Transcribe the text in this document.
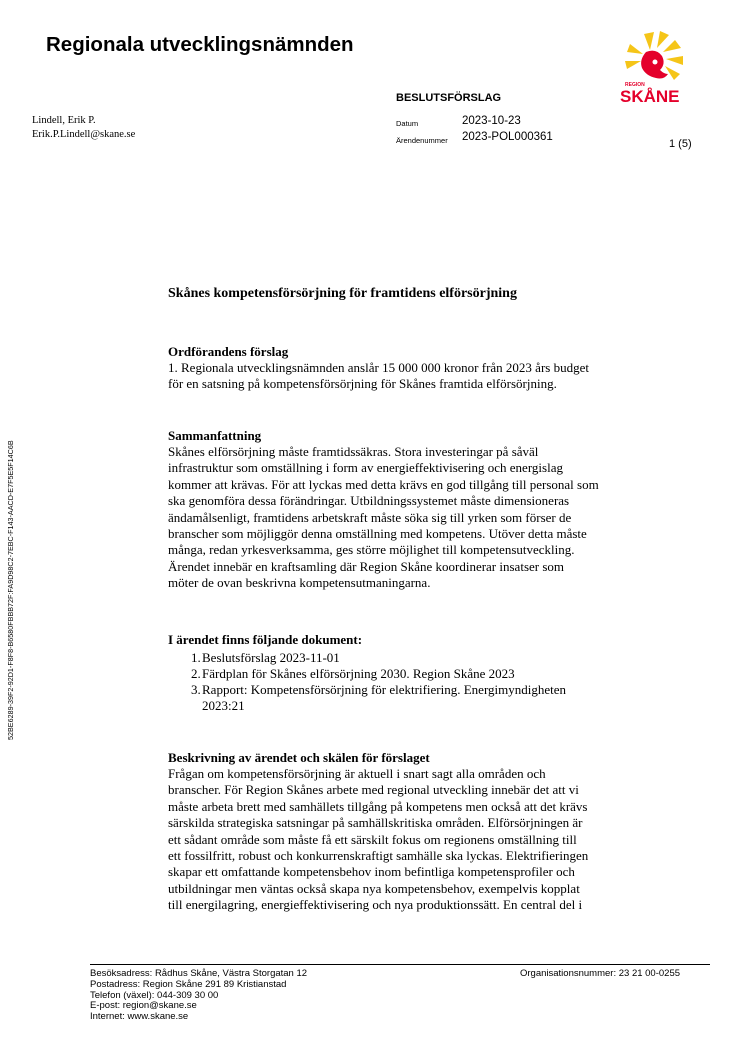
Regionala utvecklingsnämnden
REGION
SKÅNE
BESLUTSFÖRSLAG
Lindell, Erik P.
Erik.P.Lindell@skane.se
Datum	2023-10-23
Ärendenummer 2023-POL000361
1 (5)
52BE6289-39F2-92D1-F8F8-B6580FBBB72F:FA9D98C2-7EBC-F143-AACD-E7F5E5F14C6B
Skånes kompetensförsörjning för framtidens elförsörjning
Ordförandens förslag
1. Regionala utvecklingsnämnden anslår 15 000 000 kronor från 2023 års budget
för en satsning på kompetensförsörjning för Skånes framtida elförsörjning.
Sammanfattning
Skånes elförsörjning måste framtidssäkras. Stora investeringar på såväl
infrastruktur som omställning i form av energieffektivisering och energislag
kommer att krävas. För att lyckas med detta krävs en god tillgång till personal som
ska genomföra dessa förändringar. Utbildningssystemet måste dimensioneras
ändamålsenligt, framtidens arbetskraft måste söka sig till yrken som förser de
branscher som möjliggör denna omställning med kompetens. Utöver detta måste
många, redan yrkesverksamma, ges större möjlighet till kompetensutveckling.
Ärendet innebär en kraftsamling där Region Skåne koordinerar insatser som
möter de ovan beskrivna kompetensutmaningarna.
I ärendet finns följande dokument:
1. Beslutsförslag 2023-11-01
2. Färdplan för Skånes elförsörjning 2030. Region Skåne 2023
3. Rapport: Kompetensförsörjning för elektrifiering. Energimyndigheten
2023:21
Beskrivning av ärendet och skälen för förslaget
Frågan om kompetensförsörjning är aktuell i snart sagt alla områden och
branscher. För Region Skånes arbete med regional utveckling innebär det att vi
måste arbeta brett med samhällets tillgång på kompetens men också att det krävs
särskilda strategiska satsningar på samhällskritiska områden. Elförsörjningen är
ett sådant område som måste få ett särskilt fokus om regionens omställning till
ett fossilfritt, robust och konkurrenskraftigt samhälle ska lyckas. Elektrifieringen
skapar ett omfattande kompetensbehov inom befintliga kompetensprofiler och
utbildningar men väntas också skapa nya kompetensbehov, exempelvis kopplat
till energilagring, energieffektivisering och nya produktionssätt. En central del i
Besöksadress: Rådhus Skåne, Västra Storgatan 12
Postadress: Region Skåne 291 89 Kristianstad
Telefon (växel): 044-309 30 00
E-post: region@skane.se
Internet: www.skane.se
Organisationsnummer: 23 21 00-0255
